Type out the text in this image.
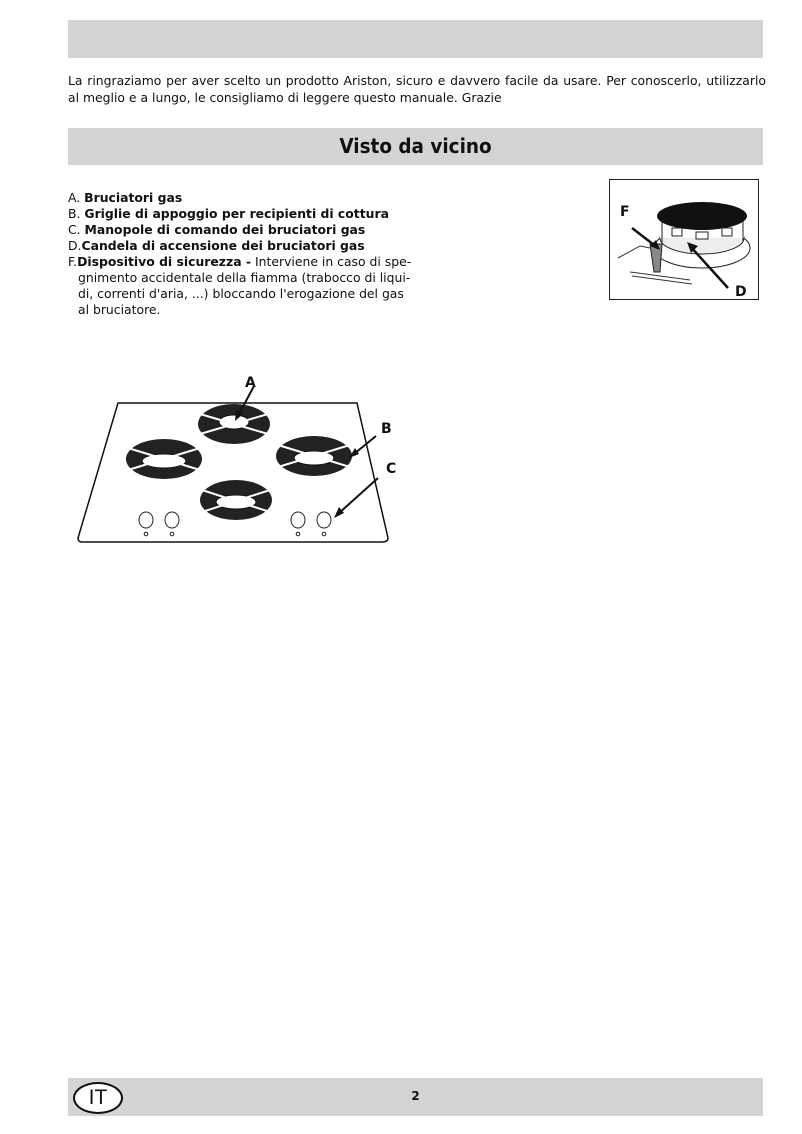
La ringraziamo per aver scelto un prodotto Ariston, sicuro e davvero facile da usare. Per conoscerlo, utilizzarlo al meglio e a lungo, le consigliamo di leggere questo manuale. Grazie

Visto da vicino
A. Bruciatori gas
B. Griglie di appoggio per recipienti di cottura
C. Manopole di comando dei bruciatori gas
D.Candela di accensione dei bruciatori gas
F.Dispositivo di sicurezza - Interviene in caso di spe-
gnimento accidentale della fiamma (trabocco di liqui-
di, correnti d'aria, ...) bloccando l'erogazione del gas
al bruciatore.
F
D
A
B
C
IT	2
